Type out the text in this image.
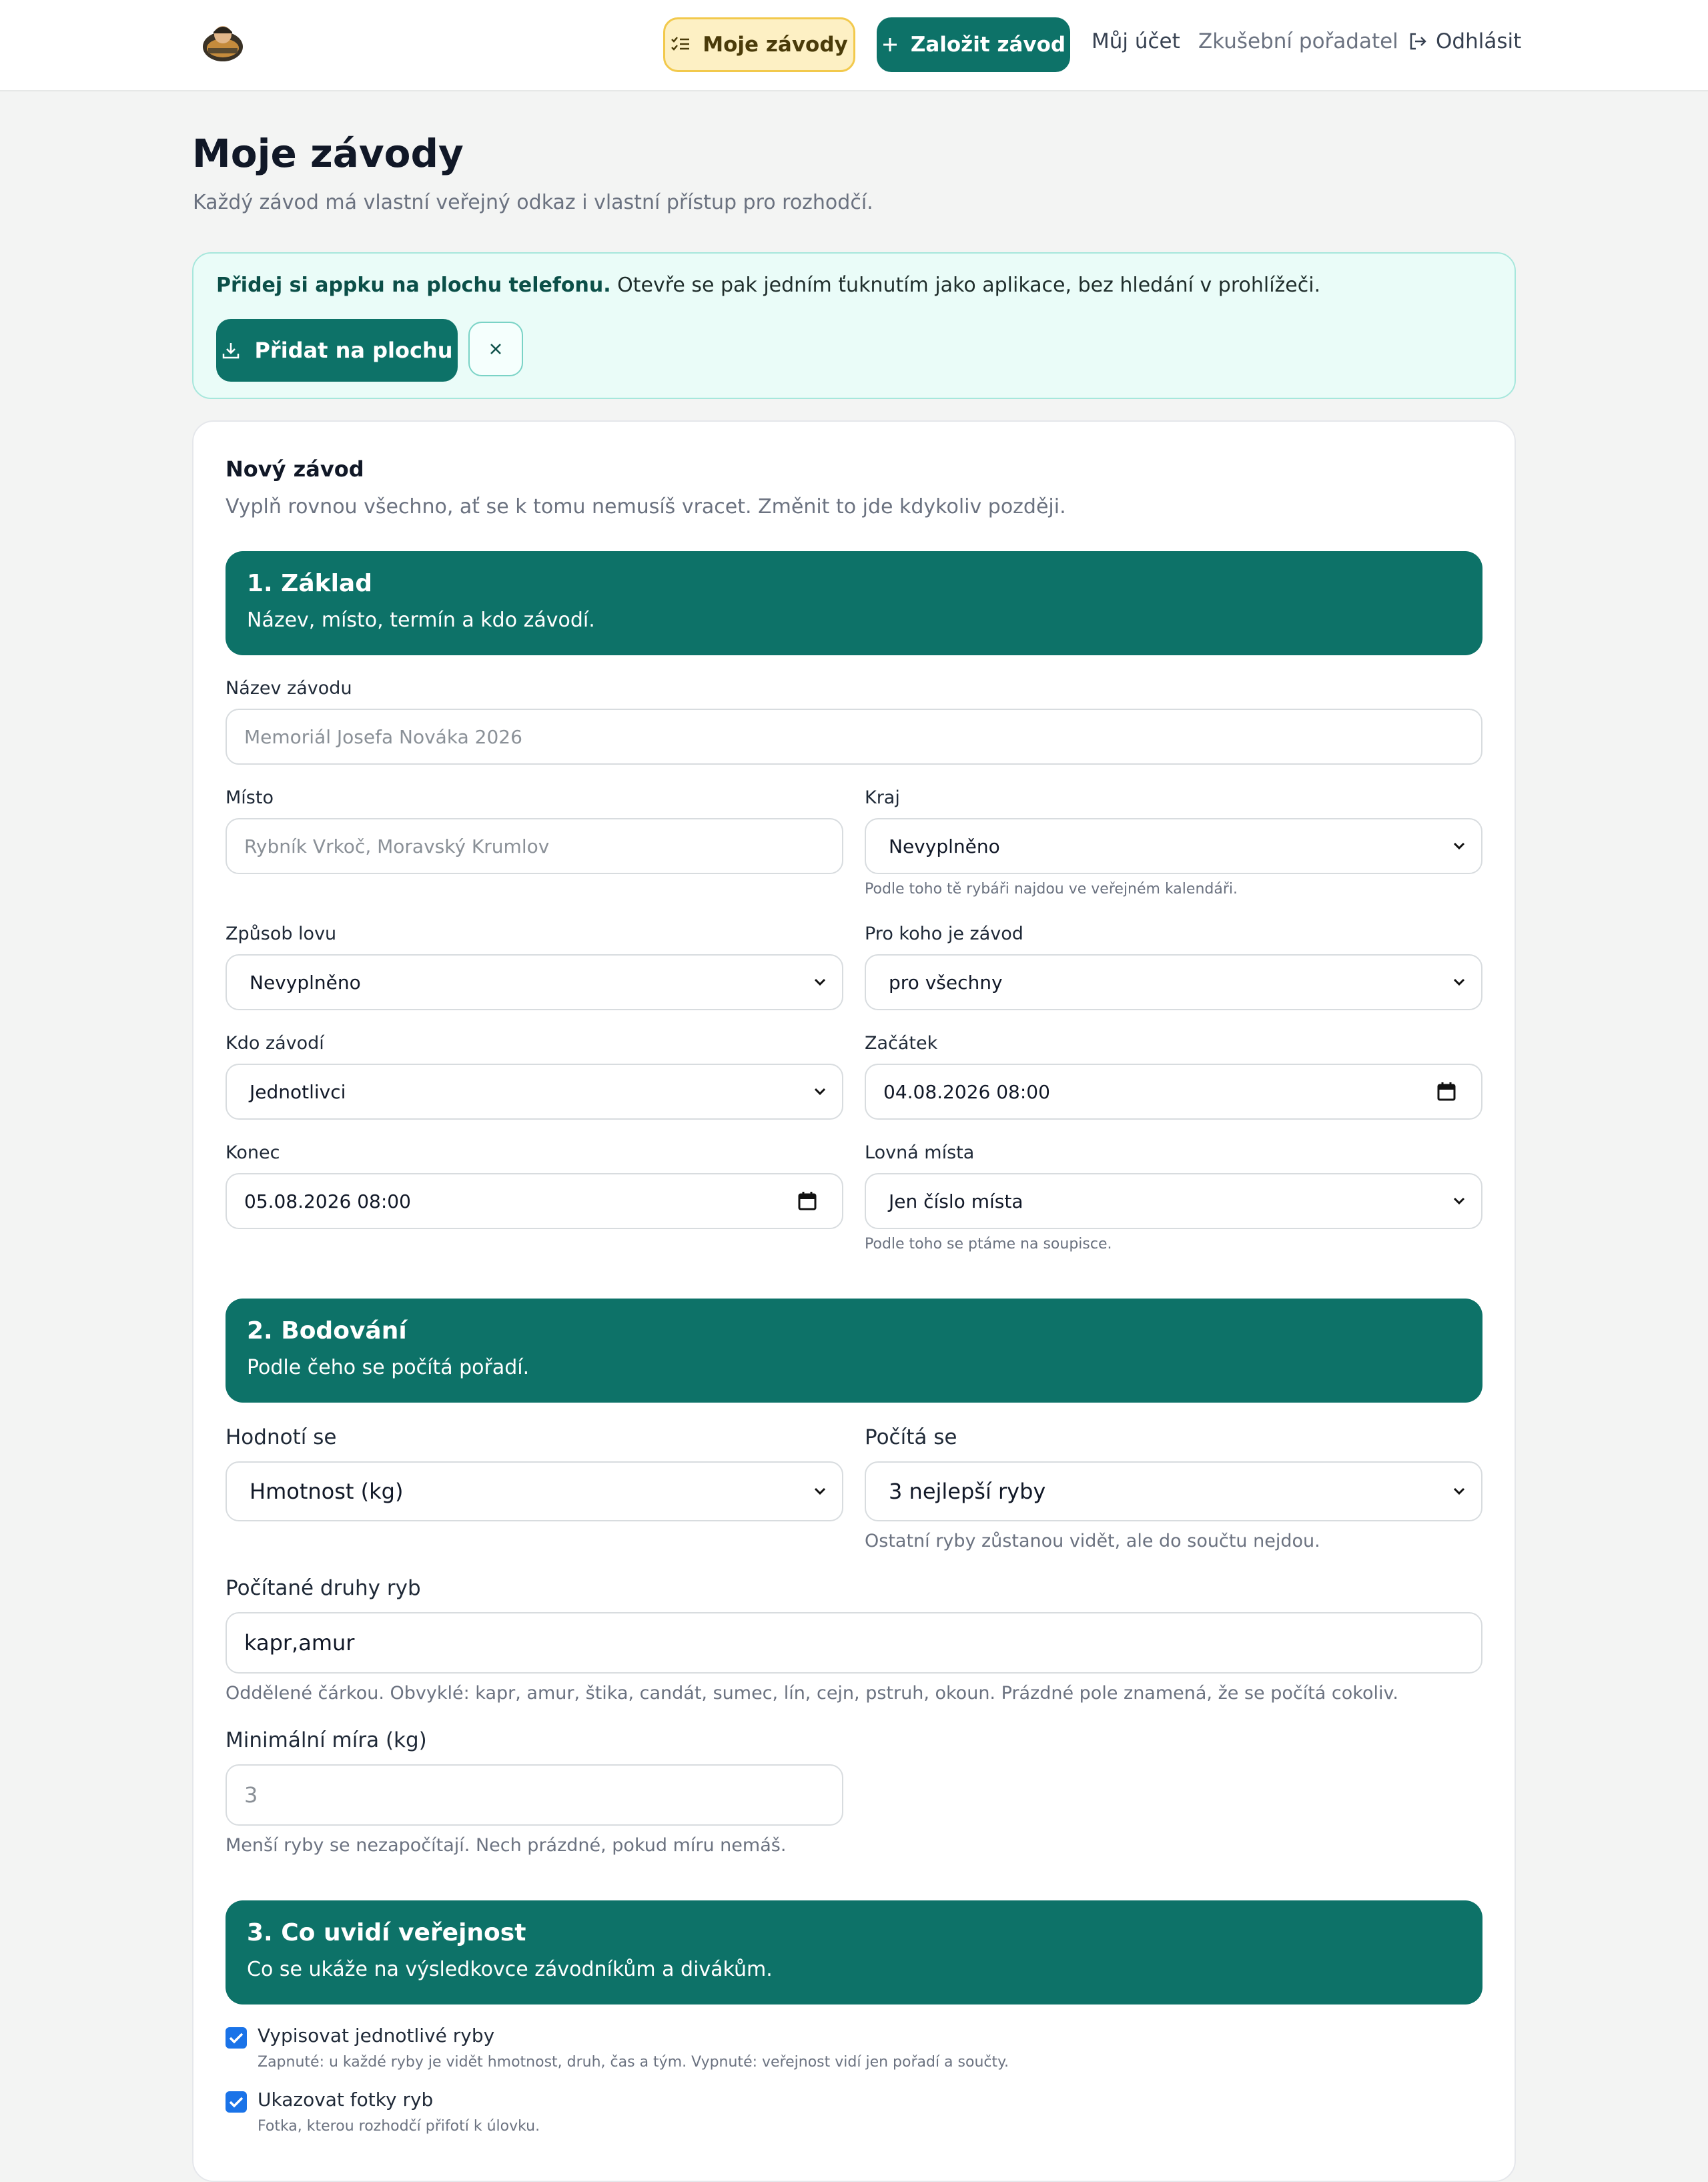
Moje závody	Založit závod Můj účet Zkušební pořadatel Odhlásit
Moje závody
Každý závod má vlastní veřejný odkaz i vlastní přístup pro rozhodčí.
Přidej si appku na plochu telefonu. Otevře se pak jedním ťuknutím jako aplikace, bez hledání v prohlížeči.
Přidat na plochu
Nový závod
Vyplň rovnou všechno, ať se k tomu nemusíš vracet. Změnit to jde kdykoliv později.
1. Základ
Název, místo, termín a kdo závodí.
Název závodu
Memoriál Josefa Nováka 2026
Místo
Rybník Vrkoč, Moravský Krumlov
Kraj
Nevyplněno
Podle toho tě rybáři najdou ve veřejném kalendáři.
Způsob lovu
Nevyplněno
Pro koho je závod
pro všechny
Kdo závodí
Jednotlivci
Začátek
04.08.2026 08:00
Konec
05.08.2026 08:00
Lovná místa
Jen číslo místa
Podle toho se ptáme na soupisce.
2. Bodování
Podle čeho se počítá pořadí.
Hodnotí se
Hmotnost (kg)
Počítá se
3 nejlepší ryby
Ostatní ryby zůstanou vidět, ale do součtu nejdou.
Počítané druhy ryb
kapr,amur
Oddělené čárkou. Obvyklé: kapr, amur, štika, candát, sumec, lín, cejn, pstruh, okoun. Prázdné pole znamená, že se počítá cokoliv.
Minimální míra (kg)
3
Menší ryby se nezapočítají. Nech prázdné, pokud míru nemáš.
3. Co uvidí veřejnost
Co se ukáže na výsledkovce závodníkům a divákům.
Vypisovat jednotlivé ryby
Zapnuté: u každé ryby je vidět hmotnost, druh, čas a tým. Vypnuté: veřejnost vidí jen pořadí a součty.
Ukazovat fotky ryb
Fotka, kterou rozhodčí přifotí k úlovku.
